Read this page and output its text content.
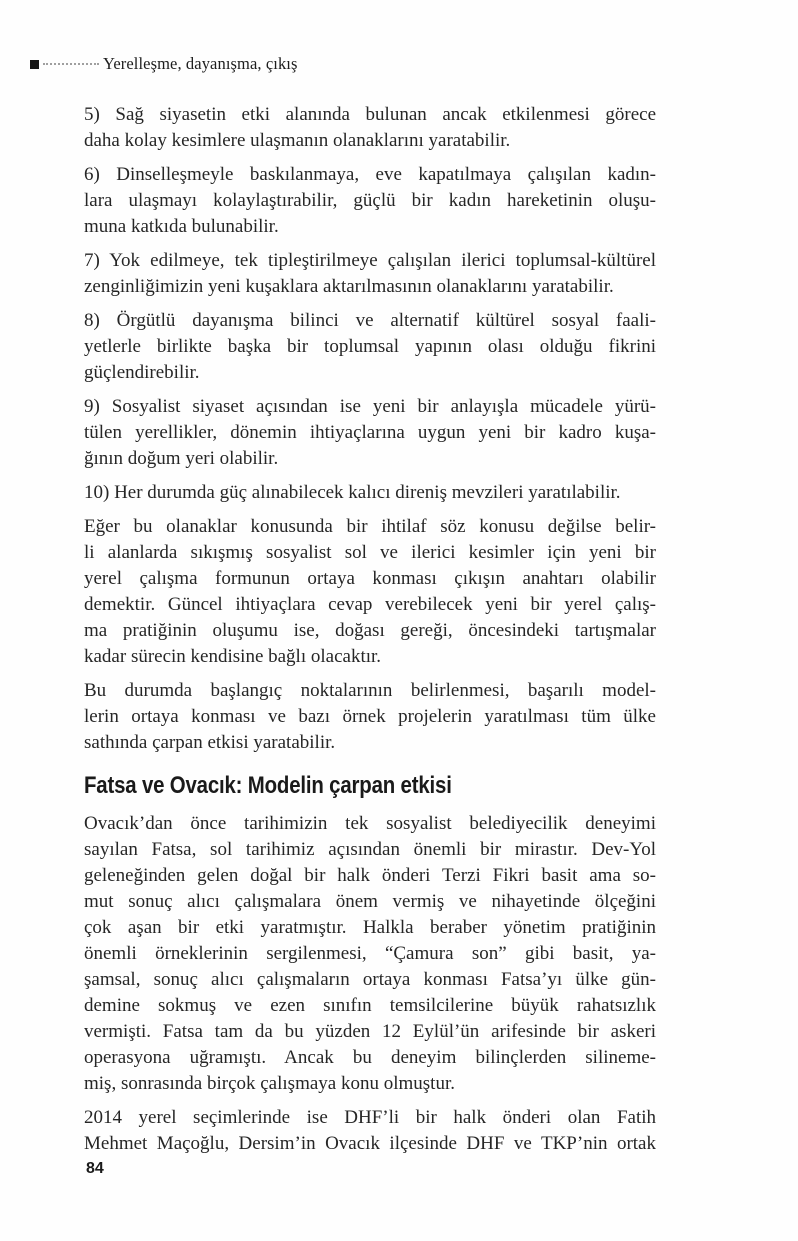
Yerelleşme, dayanışma, çıkış
5) Sağ siyasetin etki alanında bulunan ancak etkilenmesi görece
daha kolay kesimlere ulaşmanın olanaklarını yaratabilir.
6) Dinselleşmeyle baskılanmaya, eve kapatılmaya çalışılan kadın-
lara ulaşmayı kolaylaştırabilir, güçlü bir kadın hareketinin oluşu-
muna katkıda bulunabilir.
7) Yok edilmeye, tek tipleştirilmeye çalışılan ilerici toplumsal-kültürel
zenginliğimizin yeni kuşaklara aktarılmasının olanaklarını yaratabilir.
8) Örgütlü dayanışma bilinci ve alternatif kültürel sosyal faali-
yetlerle birlikte başka bir toplumsal yapının olası olduğu fikrini
güçlendirebilir.
9) Sosyalist siyaset açısından ise yeni bir anlayışla mücadele yürü-
tülen yerellikler, dönemin ihtiyaçlarına uygun yeni bir kadro kuşa-
ğının doğum yeri olabilir.
10) Her durumda güç alınabilecek kalıcı direniş mevzileri yaratılabilir.
Eğer bu olanaklar konusunda bir ihtilaf söz konusu değilse belir-
li alanlarda sıkışmış sosyalist sol ve ilerici kesimler için yeni bir
yerel çalışma formunun ortaya konması çıkışın anahtarı olabilir
demektir. Güncel ihtiyaçlara cevap verebilecek yeni bir yerel çalış-
ma pratiğinin oluşumu ise, doğası gereği, öncesindeki tartışmalar
kadar sürecin kendisine bağlı olacaktır.
Bu durumda başlangıç noktalarının belirlenmesi, başarılı model-
lerin ortaya konması ve bazı örnek projelerin yaratılması tüm ülke
sathında çarpan etkisi yaratabilir.
Fatsa ve Ovacık: Modelin çarpan etkisi
Ovacık’dan önce tarihimizin tek sosyalist belediyecilik deneyimi
sayılan Fatsa, sol tarihimiz açısından önemli bir mirastır. Dev-Yol
geleneğinden gelen doğal bir halk önderi Terzi Fikri basit ama so-
mut sonuç alıcı çalışmalara önem vermiş ve nihayetinde ölçeğini
çok aşan bir etki yaratmıştır. Halkla beraber yönetim pratiğinin
önemli örneklerinin sergilenmesi, “Çamura son” gibi basit, ya-
şamsal, sonuç alıcı çalışmaların ortaya konması Fatsa’yı ülke gün-
demine sokmuş ve ezen sınıfın temsilcilerine büyük rahatsızlık
vermişti. Fatsa tam da bu yüzden 12 Eylül’ün arifesinde bir askeri
operasyona uğramıştı. Ancak bu deneyim bilinçlerden silineme-
miş, sonrasında birçok çalışmaya konu olmuştur.
2014 yerel seçimlerinde ise DHF’li bir halk önderi olan Fatih
Mehmet Maçoğlu, Dersim’in Ovacık ilçesinde DHF ve TKP’nin ortak
84
